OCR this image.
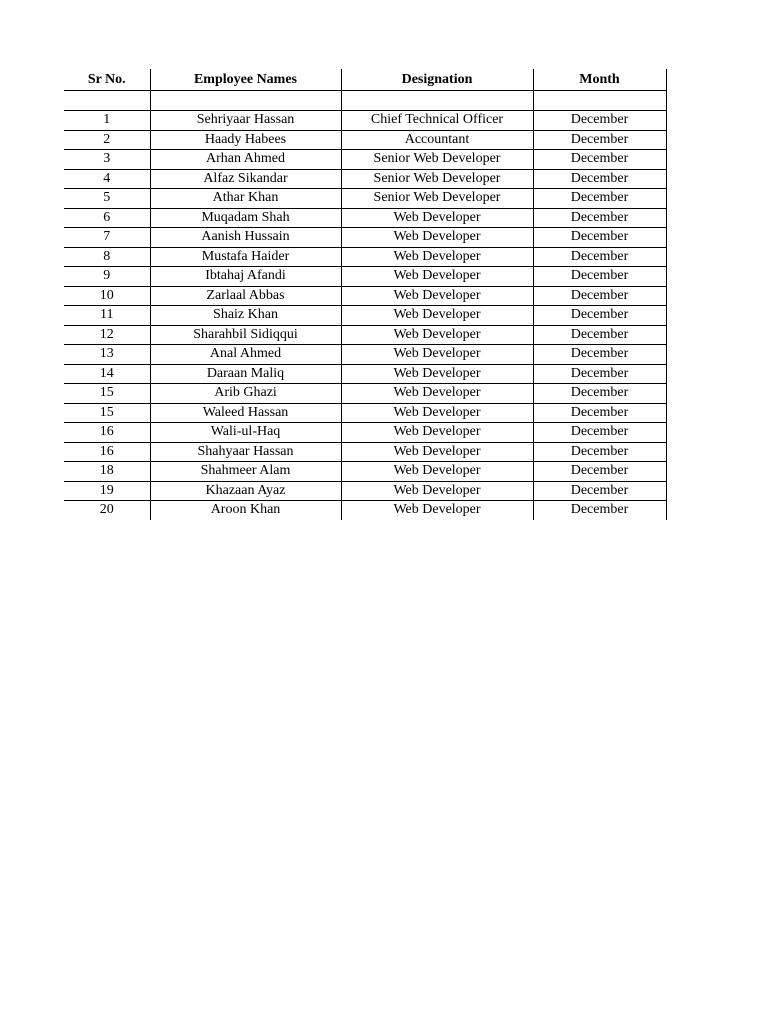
Sr No.	Employee Names	Designation	Month

1	Sehriyaar Hassan	Chief Technical Officer	December
2	Haady Habees	Accountant	December
3	Arhan Ahmed	Senior Web Developer	December
4	Alfaz Sikandar	Senior Web Developer	December
5	Athar Khan	Senior Web Developer	December
6	Muqadam Shah	Web Developer	December
7	Aanish Hussain	Web Developer	December
8	Mustafa Haider	Web Developer	December
9	Ibtahaj Afandi	Web Developer	December
10	Zarlaal Abbas	Web Developer	December
11	Shaiz Khan	Web Developer	December
12	Sharahbil Sidiqqui	Web Developer	December
13	Anal Ahmed	Web Developer	December
14	Daraan Maliq	Web Developer	December
15	Arib Ghazi	Web Developer	December
15	Waleed Hassan	Web Developer	December
16	Wali-ul-Haq	Web Developer	December
16	Shahyaar Hassan	Web Developer	December
18	Shahmeer Alam	Web Developer	December
19	Khazaan Ayaz	Web Developer	December
20	Aroon Khan	Web Developer	December
